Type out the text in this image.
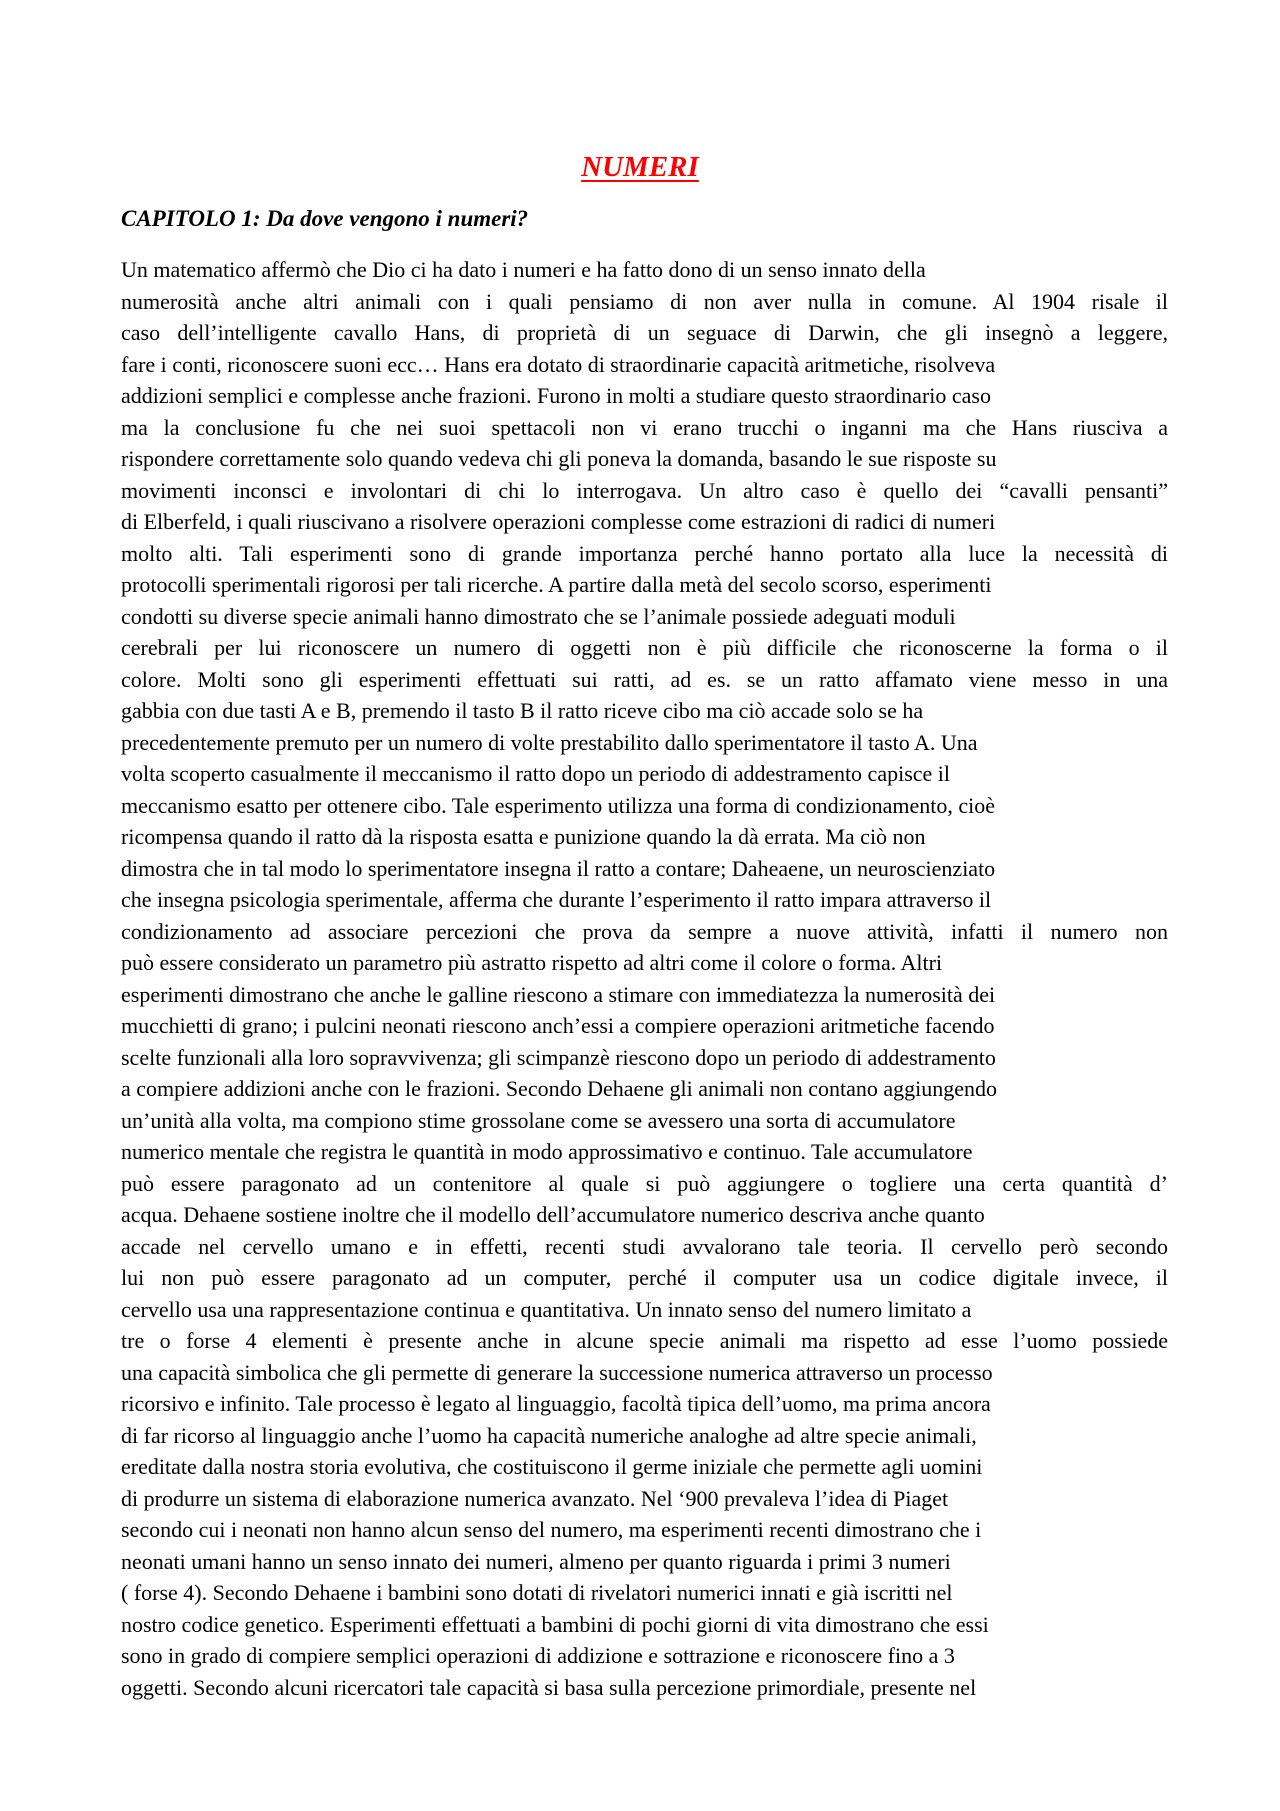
NUMERI
CAPITOLO 1: Da dove vengono i numeri?
Un matematico affermò che Dio ci ha dato i numeri e ha fatto dono di un senso innato della
numerosità anche altri animali con i quali pensiamo di non aver nulla in comune. Al 1904 risale il
caso dell’intelligente cavallo Hans, di proprietà di un seguace di Darwin, che gli insegnò a leggere,
fare i conti, riconoscere suoni ecc… Hans era dotato di straordinarie capacità aritmetiche, risolveva
addizioni semplici e complesse anche frazioni. Furono in molti a studiare questo straordinario caso
ma la conclusione fu che nei suoi spettacoli non vi erano trucchi o inganni ma che Hans riusciva a
rispondere correttamente solo quando vedeva chi gli poneva la domanda, basando le sue risposte su
movimenti inconsci e involontari di chi lo interrogava. Un altro caso è quello dei “cavalli pensanti”
di Elberfeld, i quali riuscivano a risolvere operazioni complesse come estrazioni di radici di numeri
molto alti. Tali esperimenti sono di grande importanza perché hanno portato alla luce la necessità di
protocolli sperimentali rigorosi per tali ricerche. A partire dalla metà del secolo scorso, esperimenti
condotti su diverse specie animali hanno dimostrato che se l’animale possiede adeguati moduli
cerebrali per lui riconoscere un numero di oggetti non è più difficile che riconoscerne la forma o il
colore. Molti sono gli esperimenti effettuati sui ratti, ad es. se un ratto affamato viene messo in una
gabbia con due tasti A e B, premendo il tasto B il ratto riceve cibo ma ciò accade solo se ha
precedentemente premuto per un numero di volte prestabilito dallo sperimentatore il tasto A. Una
volta scoperto casualmente il meccanismo il ratto dopo un periodo di addestramento capisce il
meccanismo esatto per ottenere cibo. Tale esperimento utilizza una forma di condizionamento, cioè
ricompensa quando il ratto dà la risposta esatta e punizione quando la dà errata. Ma ciò non
dimostra che in tal modo lo sperimentatore insegna il ratto a contare; Daheaene, un neuroscienziato
che insegna psicologia sperimentale, afferma che durante l’esperimento il ratto impara attraverso il
condizionamento ad associare percezioni che prova da sempre a nuove attività, infatti il numero non
può essere considerato un parametro più astratto rispetto ad altri come il colore o forma. Altri
esperimenti dimostrano che anche le galline riescono a stimare con immediatezza la numerosità dei
mucchietti di grano; i pulcini neonati riescono anch’essi a compiere operazioni aritmetiche facendo
scelte funzionali alla loro sopravvivenza; gli scimpanzè riescono dopo un periodo di addestramento
a compiere addizioni anche con le frazioni. Secondo Dehaene gli animali non contano aggiungendo
un’unità alla volta, ma compiono stime grossolane come se avessero una sorta di accumulatore
numerico mentale che registra le quantità in modo approssimativo e continuo. Tale accumulatore
può essere paragonato ad un contenitore al quale si può aggiungere o togliere una certa quantità d’
acqua. Dehaene sostiene inoltre che il modello dell’accumulatore numerico descriva anche quanto
accade nel cervello umano e in effetti, recenti studi avvalorano tale teoria. Il cervello però secondo
lui non può essere paragonato ad un computer, perché il computer usa un codice digitale invece, il
cervello usa una rappresentazione continua e quantitativa. Un innato senso del numero limitato a
tre o forse 4 elementi è presente anche in alcune specie animali ma rispetto ad esse l’uomo possiede
una capacità simbolica che gli permette di generare la successione numerica attraverso un processo
ricorsivo e infinito. Tale processo è legato al linguaggio, facoltà tipica dell’uomo, ma prima ancora
di far ricorso al linguaggio anche l’uomo ha capacità numeriche analoghe ad altre specie animali,
ereditate dalla nostra storia evolutiva, che costituiscono il germe iniziale che permette agli uomini
di produrre un sistema di elaborazione numerica avanzato. Nel ‘900 prevaleva l’idea di Piaget
secondo cui i neonati non hanno alcun senso del numero, ma esperimenti recenti dimostrano che i
neonati umani hanno un senso innato dei numeri, almeno per quanto riguarda i primi 3 numeri
( forse 4). Secondo Dehaene i bambini sono dotati di rivelatori numerici innati e già iscritti nel
nostro codice genetico. Esperimenti effettuati a bambini di pochi giorni di vita dimostrano che essi
sono in grado di compiere semplici operazioni di addizione e sottrazione e riconoscere fino a 3
oggetti. Secondo alcuni ricercatori tale capacità si basa sulla percezione primordiale, presente nel
